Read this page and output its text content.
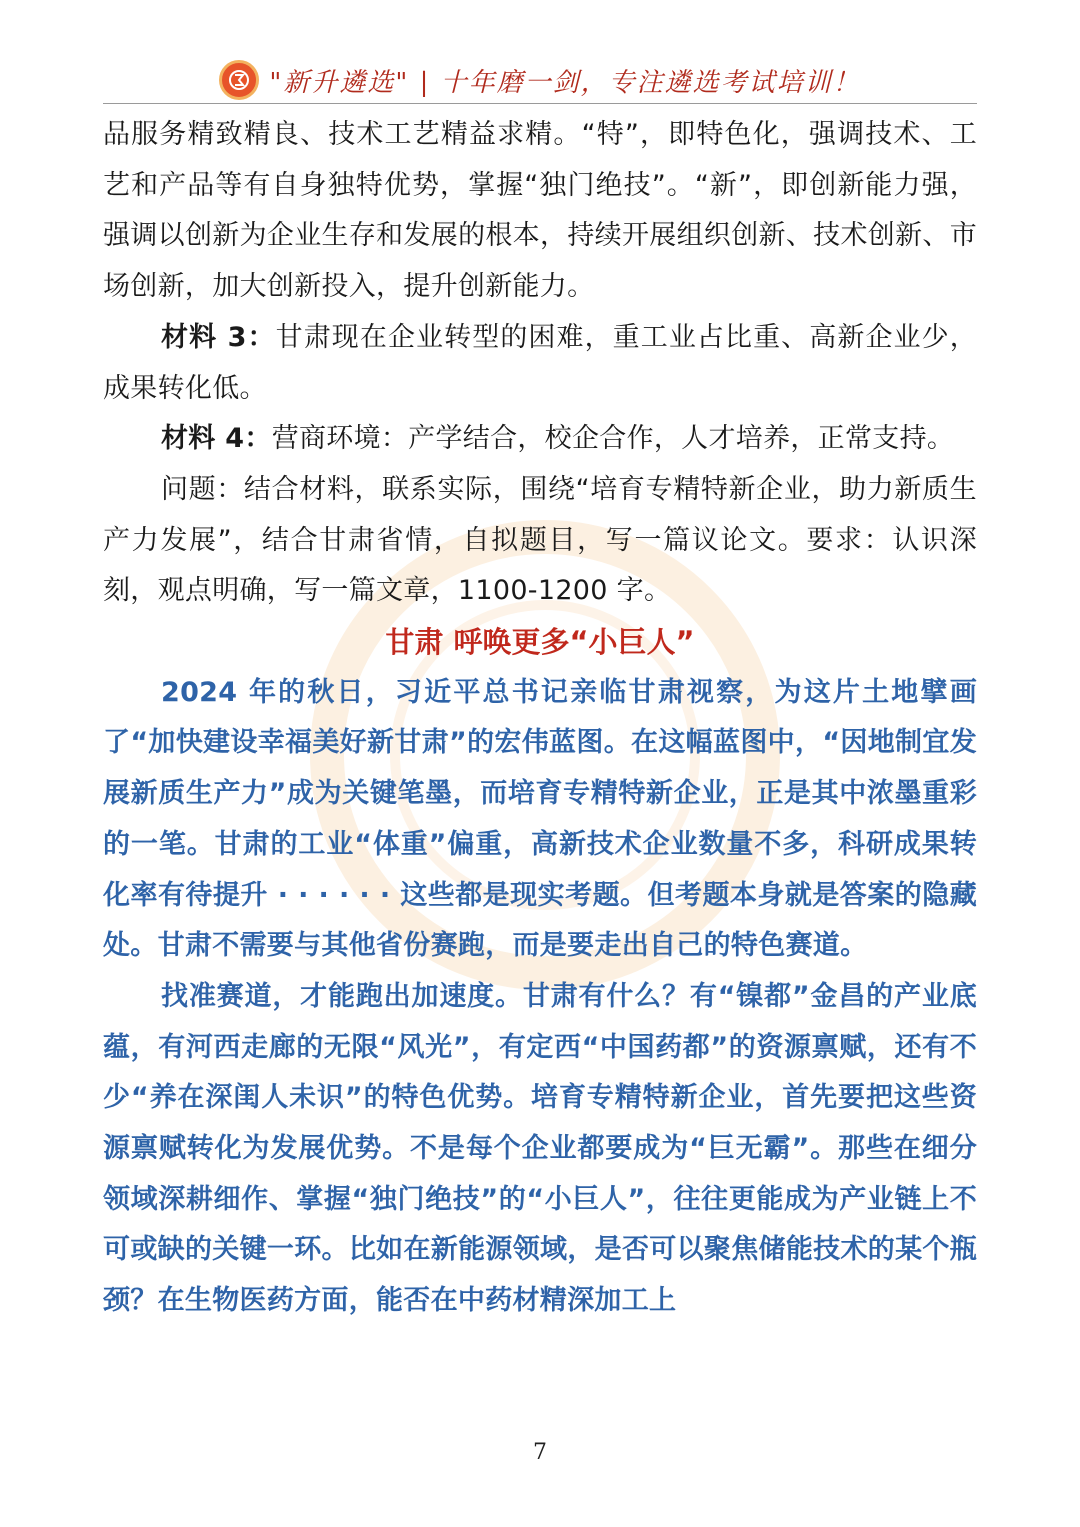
"新升遴选" | 十年磨一剑，专注遴选考试培训！

品服务精致精良、技术工艺精益求精。“特”，即特色化，强调技术、工艺和产品等有自身独特优势，掌握“独门绝技”。“新”，即创新能力强，强调以创新为企业生存和发展的根本，持续开展组织创新、技术创新、市场创新，加大创新投入，提升创新能力。

材料 3：甘肃现在企业转型的困难，重工业占比重、高新企业少，成果转化低。

材料 4：营商环境：产学结合，校企合作，人才培养，正常支持。

问题：结合材料，联系实际，围绕“培育专精特新企业，助力新质生产力发展”，结合甘肃省情，自拟题目，写一篇议论文。要求：认识深刻，观点明确，写一篇文章，1100-1200 字。

甘肃 呼唤更多“小巨人”

2024 年的秋日，习近平总书记亲临甘肃视察，为这片土地擘画了“加快建设幸福美好新甘肃”的宏伟蓝图。在这幅蓝图中，“因地制宜发展新质生产力”成为关键笔墨，而培育专精特新企业，正是其中浓墨重彩的一笔。甘肃的工业“体重”偏重，高新技术企业数量不多，科研成果转化率有待提升 · · · · · · 这些都是现实考题。但考题本身就是答案的隐藏处。甘肃不需要与其他省份赛跑，而是要走出自己的特色赛道。

找准赛道，才能跑出加速度。甘肃有什么？有“镍都”金昌的产业底蕴，有河西走廊的无限“风光”，有定西“中国药都”的资源禀赋，还有不少“养在深闺人未识”的特色优势。培育专精特新企业，首先要把这些资源禀赋转化为发展优势。不是每个企业都要成为“巨无霸”。那些在细分领域深耕细作、掌握“独门绝技”的“小巨人”，往往更能成为产业链上不可或缺的关键一环。比如在新能源领域，是否可以聚焦储能技术的某个瓶颈？在生物医药方面，能否在中药材精深加工上

7
